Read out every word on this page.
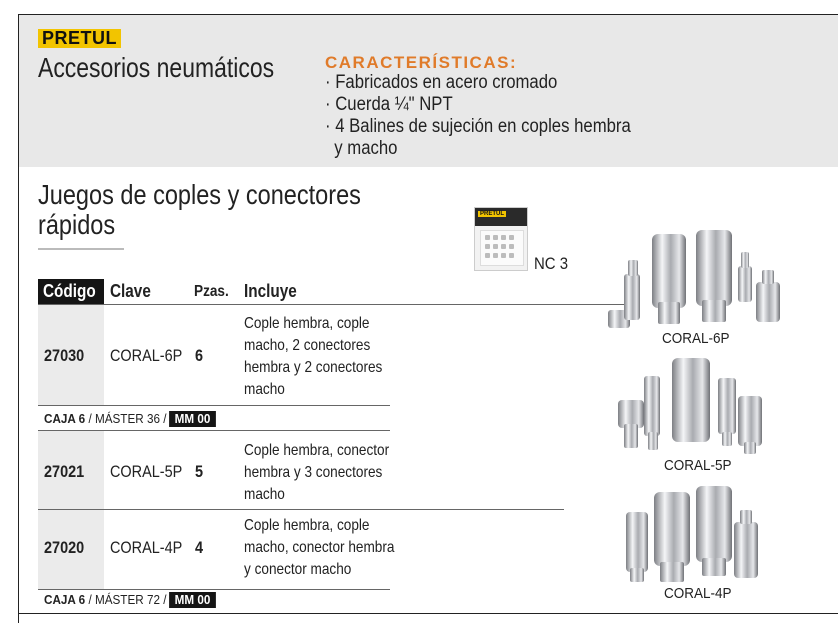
PRETUL
Accesorios neumáticos	CARACTERÍSTICAS:
· Fabricados en acero cromado
· Cuerda ¼" NPT
· 4 Balines de sujeción en coples hembra
y macho
Juegos de coples y conectores
rápidos	PRETUL
NC 3
Código Clave	Pzas. Incluye
27030 CORAL-6P 6
Cople hembra, cople
macho, 2 conectores
hembra y 2 conectores
macho
CAJA 6 / MÁSTER 36 / MM 00
27021 CORAL-5P 5
Cople hembra, conector
hembra y 3 conectores
macho
27020 CORAL-4P 4
Cople hembra, cople
macho, conector hembra
y conector macho
CAJA 6 / MÁSTER 72 / MM 00
CORAL-6P
CORAL-5P
CORAL-4P
